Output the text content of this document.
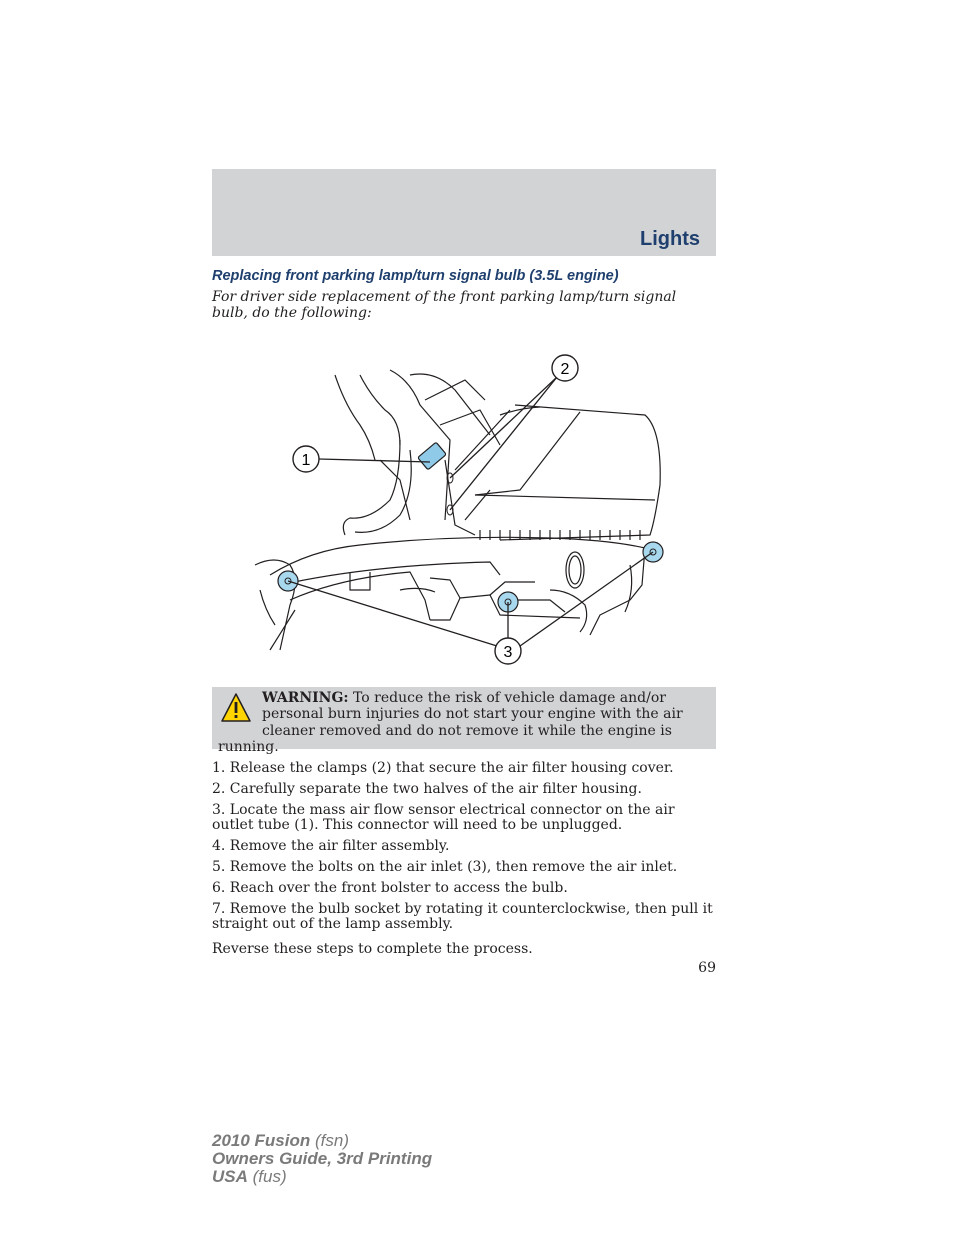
Lights
Replacing front parking lamp/turn signal bulb (3.5L engine)
For driver side replacement of the front parking lamp/turn signal bulb, do the following:
1
2
3
WARNING: To reduce the risk of vehicle damage and/or personal burn injuries do not start your engine with the air cleaner removed and do not remove it while the engine is running.

1. Release the clamps (2) that secure the air filter housing cover.

2. Carefully separate the two halves of the air filter housing.

3. Locate the mass air flow sensor electrical connector on the air outlet tube (1). This connector will need to be unplugged.

4. Remove the air filter assembly.

5. Remove the bolts on the air inlet (3), then remove the air inlet.

6. Reach over the front bolster to access the bulb.

7. Remove the bulb socket by rotating it counterclockwise, then pull it straight out of the lamp assembly.

Reverse these steps to complete the process.
69
2010 Fusion (fsn)
Owners Guide, 3rd Printing
USA (fus)
